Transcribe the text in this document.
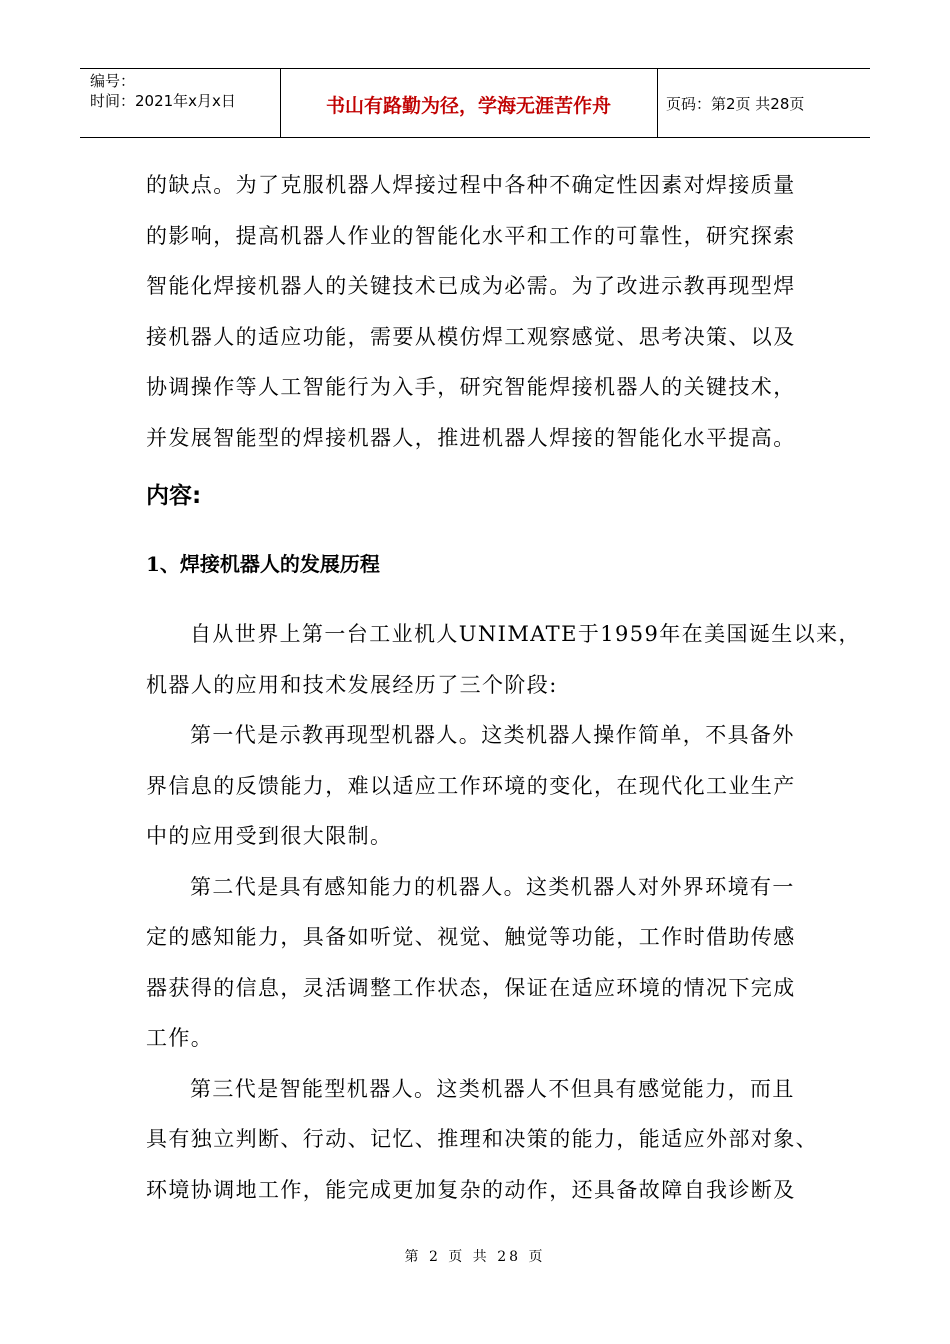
编号：
时间：2021年x月x日	书山有路勤为径，学海无涯苦作舟	页码：第2页 共28页

的缺点。为了克服机器人焊接过程中各种不确定性因素对焊接质量

的影响，提高机器人作业的智能化水平和工作的可靠性，研究探索

智能化焊接机器人的关键技术已成为必需。为了改进示教再现型焊

接机器人的适应功能，需要从模仿焊工观察感觉、思考决策、以及

协调操作等人工智能行为入手，研究智能焊接机器人的关键技术，

并发展智能型的焊接机器人，推进机器人焊接的智能化水平提高。

内容:
1、焊接机器人的发展历程

自从世界上第一台工业机人UNIMATE于1959年在美国诞生以来，

机器人的应用和技术发展经历了三个阶段:

第一代是示教再现型机器人。这类机器人操作简单，不具备外

界信息的反馈能力，难以适应工作环境的变化，在现代化工业生产

中的应用受到很大限制。

第二代是具有感知能力的机器人。这类机器人对外界环境有一

定的感知能力，具备如听觉、视觉、触觉等功能，工作时借助传感

器获得的信息，灵活调整工作状态，保证在适应环境的情况下完成

工作。

第三代是智能型机器人。这类机器人不但具有感觉能力，而且

具有独立判断、行动、记忆、推理和决策的能力，能适应外部对象、

环境协调地工作，能完成更加复杂的动作，还具备故障自我诊断及

第 2 页 共 28 页
